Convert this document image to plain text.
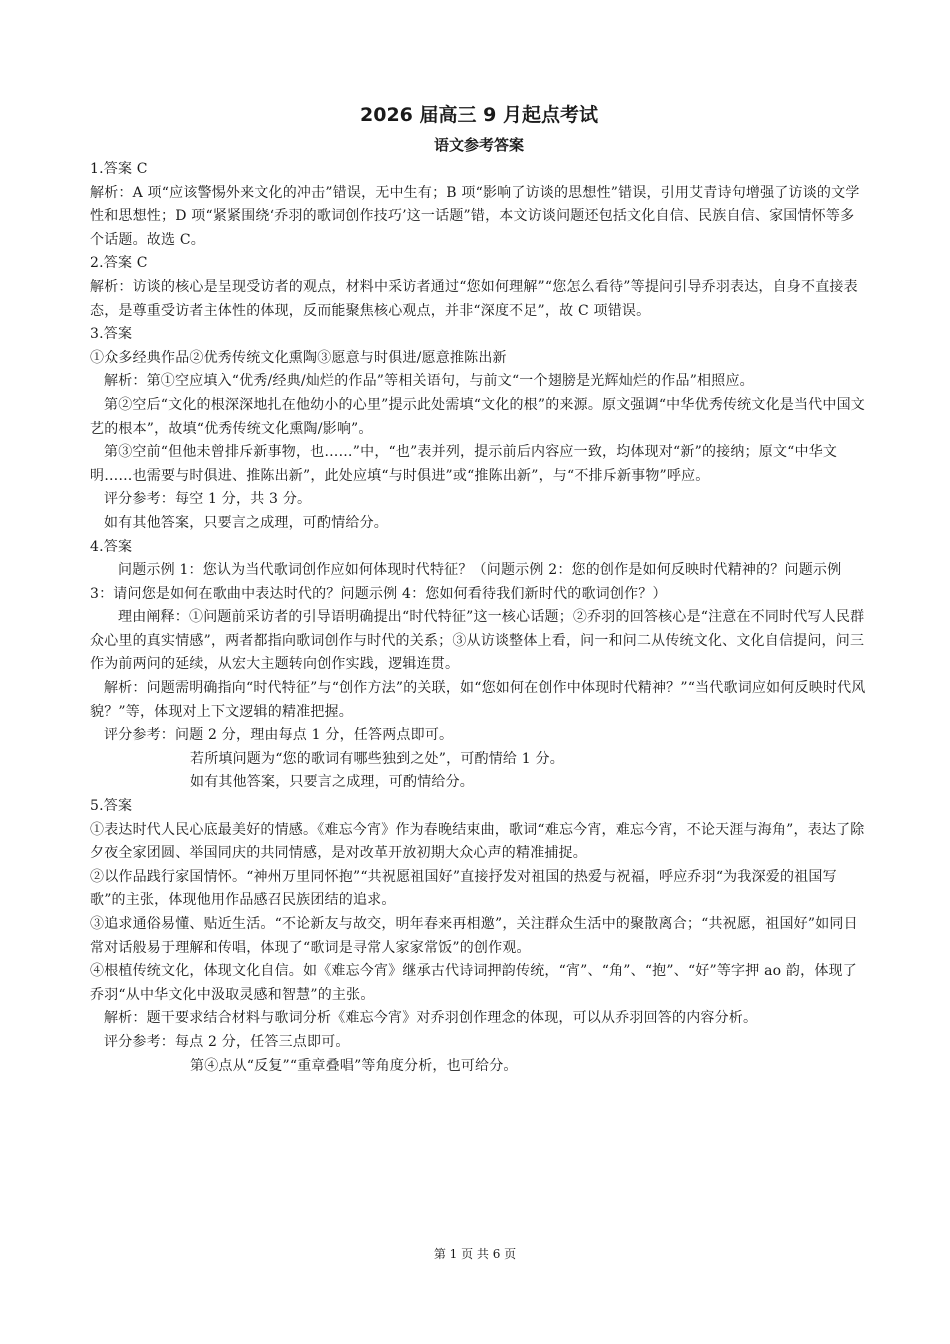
2026 届高三 9 月起点考试
语文参考答案

1.答案 C

解析：A 项“应该警惕外来文化的冲击”错误，无中生有；B 项“影响了访谈的思想性”错误，引用艾青诗句增强了访谈的文学性和思想性；D 项“紧紧围绕‘乔羽的歌词创作技巧’这一话题”错，本文访谈问题还包括文化自信、民族自信、家国情怀等多个话题。故选 C。

2.答案 C

解析：访谈的核心是呈现受访者的观点，材料中采访者通过“您如何理解”“您怎么看待”等提问引导乔羽表达，自身不直接表态，是尊重受访者主体性的体现，反而能聚焦核心观点，并非“深度不足”，故 C 项错误。

3.答案

①众多经典作品②优秀传统文化熏陶③愿意与时俱进/愿意推陈出新

解析：第①空应填入“优秀/经典/灿烂的作品”等相关语句，与前文“一个翅膀是光辉灿烂的作品”相照应。

第②空后“文化的根深深地扎在他幼小的心里”提示此处需填“文化的根”的来源。原文强调“中华优秀传统文化是当代中国文艺的根本”，故填“优秀传统文化熏陶/影响”。

第③空前“但他未曾排斥新事物，也……”中，“也”表并列，提示前后内容应一致，均体现对“新”的接纳；原文“中华文明……也需要与时俱进、推陈出新”，此处应填“与时俱进”或“推陈出新”，与“不排斥新事物”呼应。

评分参考：每空 1 分，共 3 分。

如有其他答案，只要言之成理，可酌情给分。

4.答案

问题示例 1：您认为当代歌词创作应如何体现时代特征？（问题示例 2：您的创作是如何反映时代精神的？问题示例 3：请问您是如何在歌曲中表达时代的？问题示例 4：您如何看待我们新时代的歌词创作？）

理由阐释：①问题前采访者的引导语明确提出“时代特征”这一核心话题；②乔羽的回答核心是“注意在不同时代写人民群众心里的真实情感”，两者都指向歌词创作与时代的关系；③从访谈整体上看，问一和问二从传统文化、文化自信提问，问三作为前两问的延续，从宏大主题转向创作实践，逻辑连贯。

解析：问题需明确指向“时代特征”与“创作方法”的关联，如“您如何在创作中体现时代精神？”“当代歌词应如何反映时代风貌？”等，体现对上下文逻辑的精准把握。

评分参考：问题 2 分，理由每点 1 分，任答两点即可。

若所填问题为“您的歌词有哪些独到之处”，可酌情给 1 分。

如有其他答案，只要言之成理，可酌情给分。

5.答案

①表达时代人民心底最美好的情感。《难忘今宵》作为春晚结束曲，歌词“难忘今宵，难忘今宵，不论天涯与海角”，表达了除夕夜全家团圆、举国同庆的共同情感，是对改革开放初期大众心声的精准捕捉。

②以作品践行家国情怀。“神州万里同怀抱”“共祝愿祖国好”直接抒发对祖国的热爱与祝福，呼应乔羽“为我深爱的祖国写歌”的主张，体现他用作品感召民族团结的追求。

③追求通俗易懂、贴近生活。“不论新友与故交，明年春来再相邀”，关注群众生活中的聚散离合；“共祝愿，祖国好”如同日常对话般易于理解和传唱，体现了“歌词是寻常人家家常饭”的创作观。

④根植传统文化，体现文化自信。如《难忘今宵》继承古代诗词押韵传统，“宵”、“角”、“抱”、“好”等字押 ao 韵，体现了乔羽“从中华文化中汲取灵感和智慧”的主张。

解析：题干要求结合材料与歌词分析《难忘今宵》对乔羽创作理念的体现，可以从乔羽回答的内容分析。

评分参考：每点 2 分，任答三点即可。

第④点从“反复”“重章叠唱”等角度分析，也可给分。

第 1 页 共 6 页
